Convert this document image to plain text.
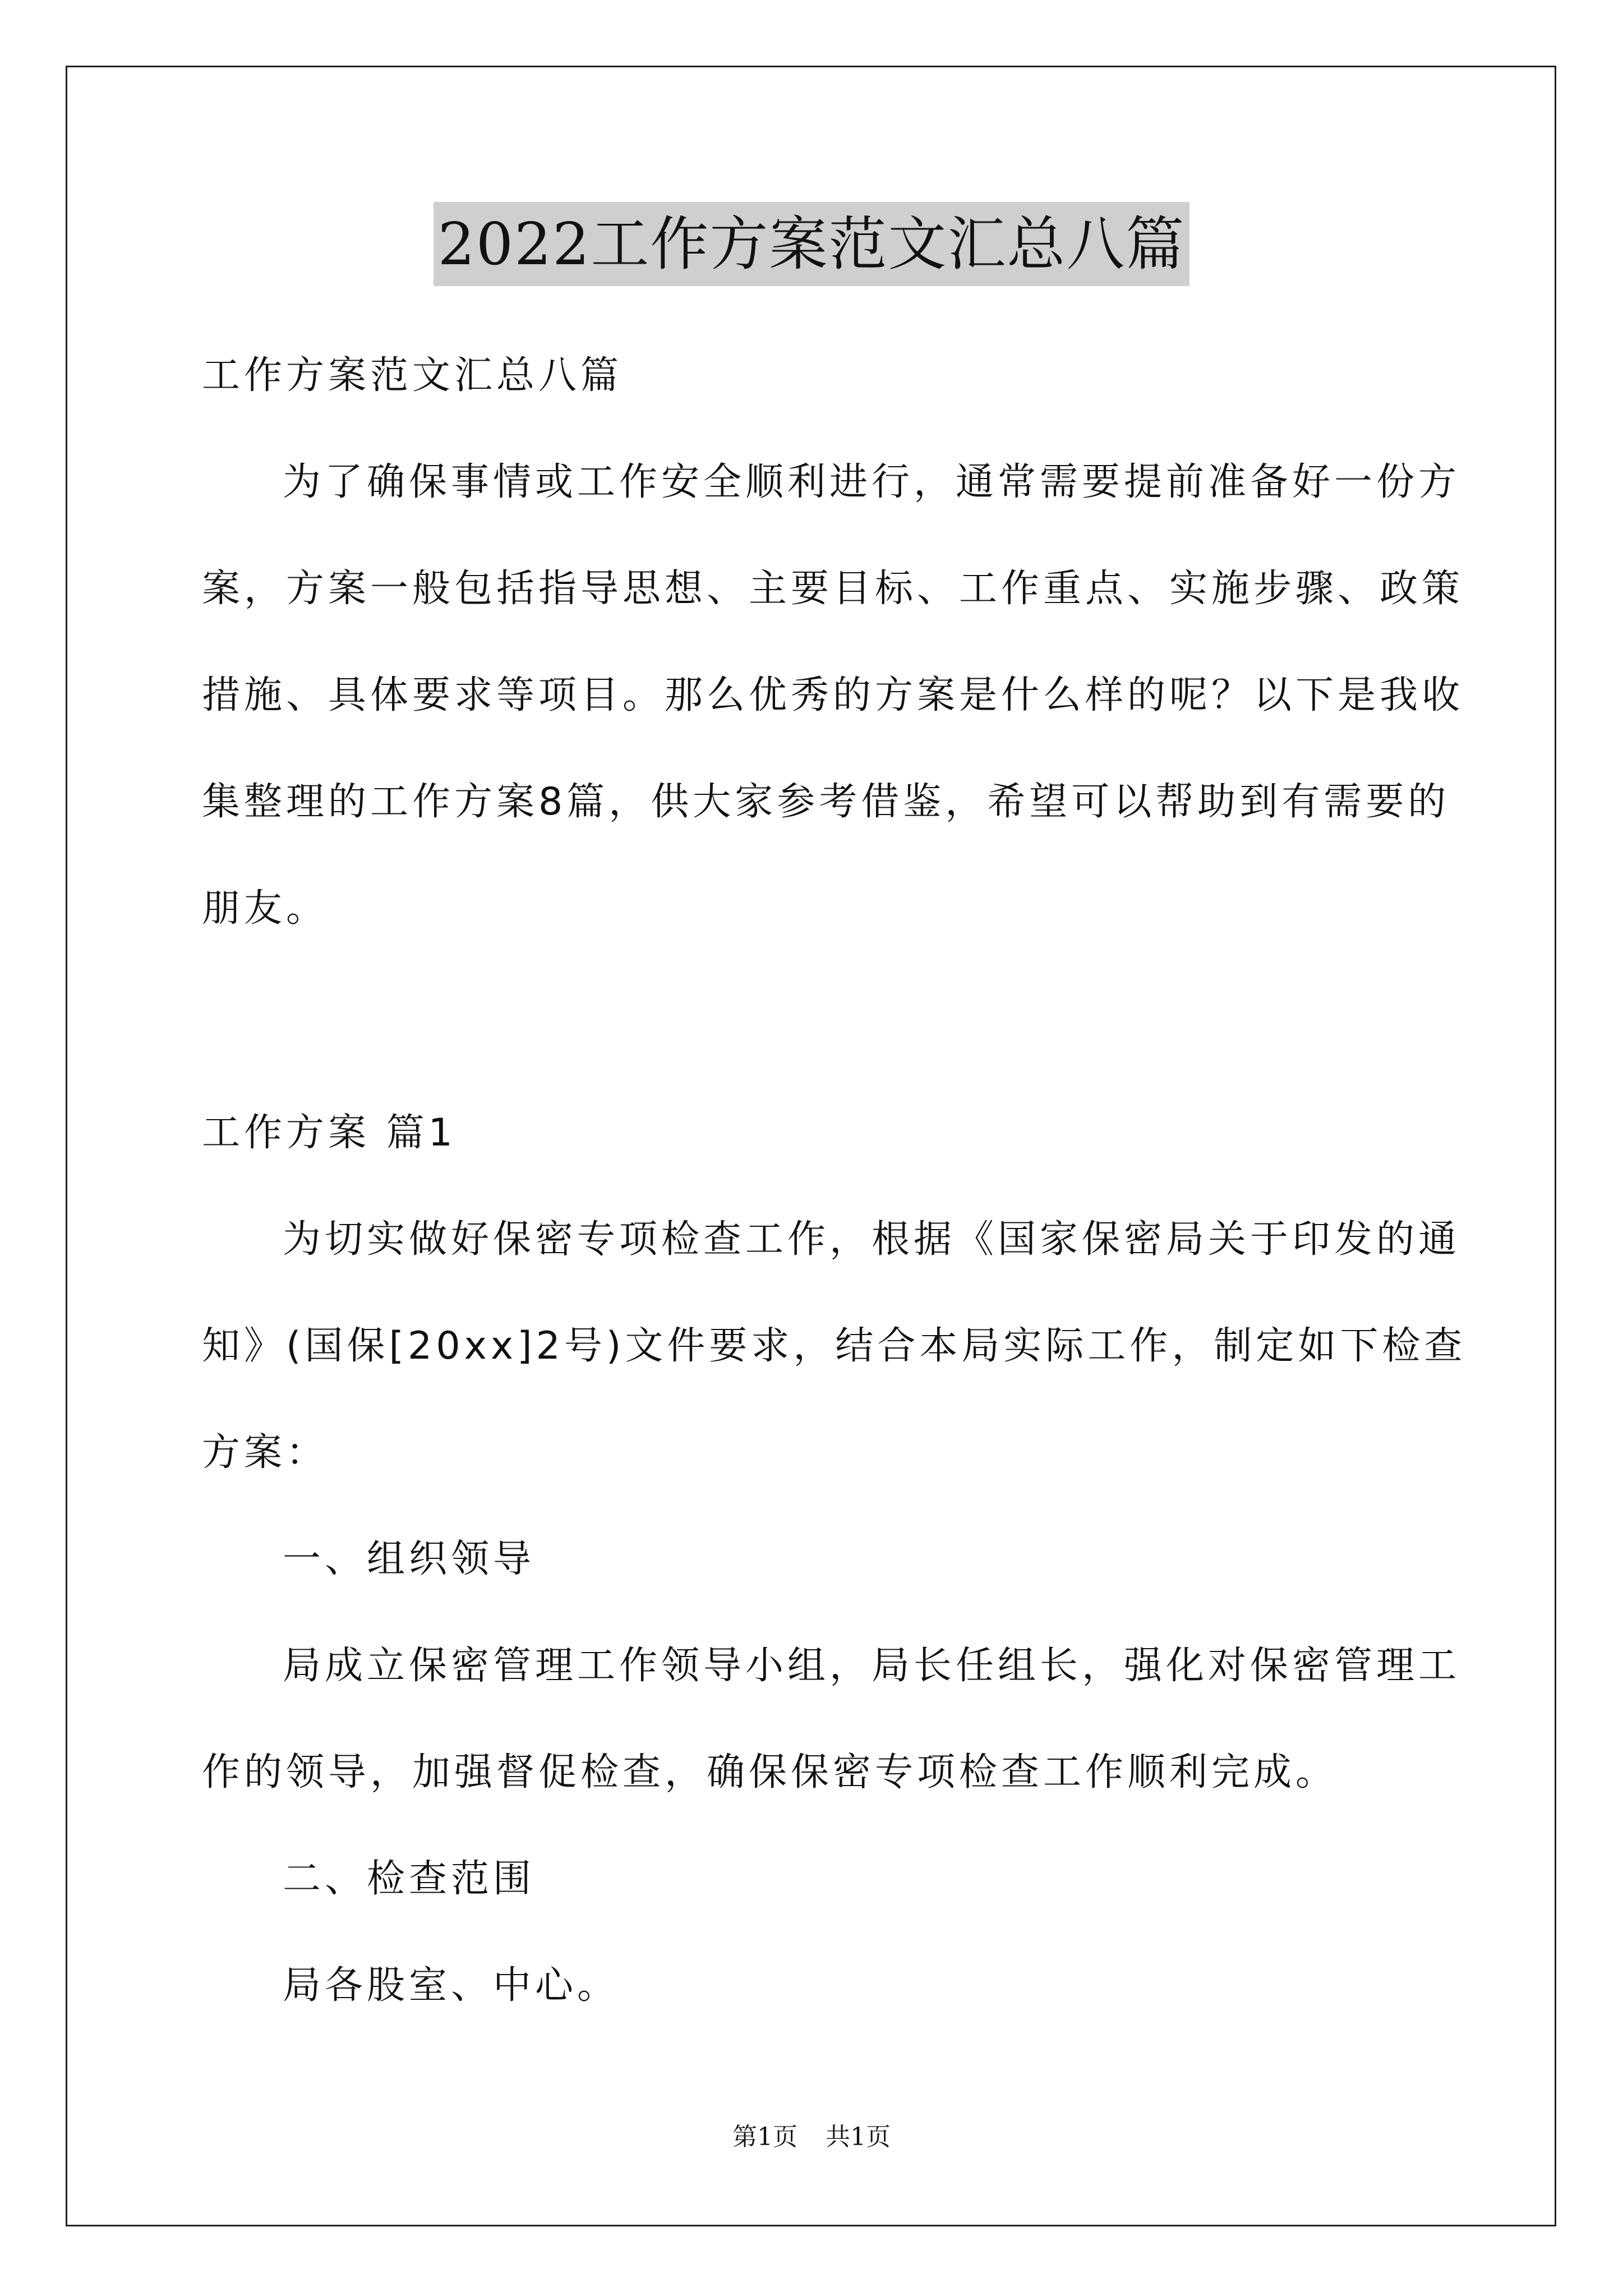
2022工作方案范文汇总八篇
工作方案范文汇总八篇
为了确保事情或工作安全顺利进行，通常需要提前准备好一份方
案，方案一般包括指导思想、主要目标、工作重点、实施步骤、政策
措施、具体要求等项目。那么优秀的方案是什么样的呢？以下是我收
集整理的工作方案8篇，供大家参考借鉴，希望可以帮助到有需要的
朋友。
工作方案 篇1
为切实做好保密专项检查工作，根据《国家保密局关于印发的通
知》(国保[20xx]2号)文件要求，结合本局实际工作，制定如下检查
方案：
一、组织领导
局成立保密管理工作领导小组，局长任组长，强化对保密管理工
作的领导，加强督促检查，确保保密专项检查工作顺利完成。
二、检查范围
局各股室、中心。
第1页 共1页
